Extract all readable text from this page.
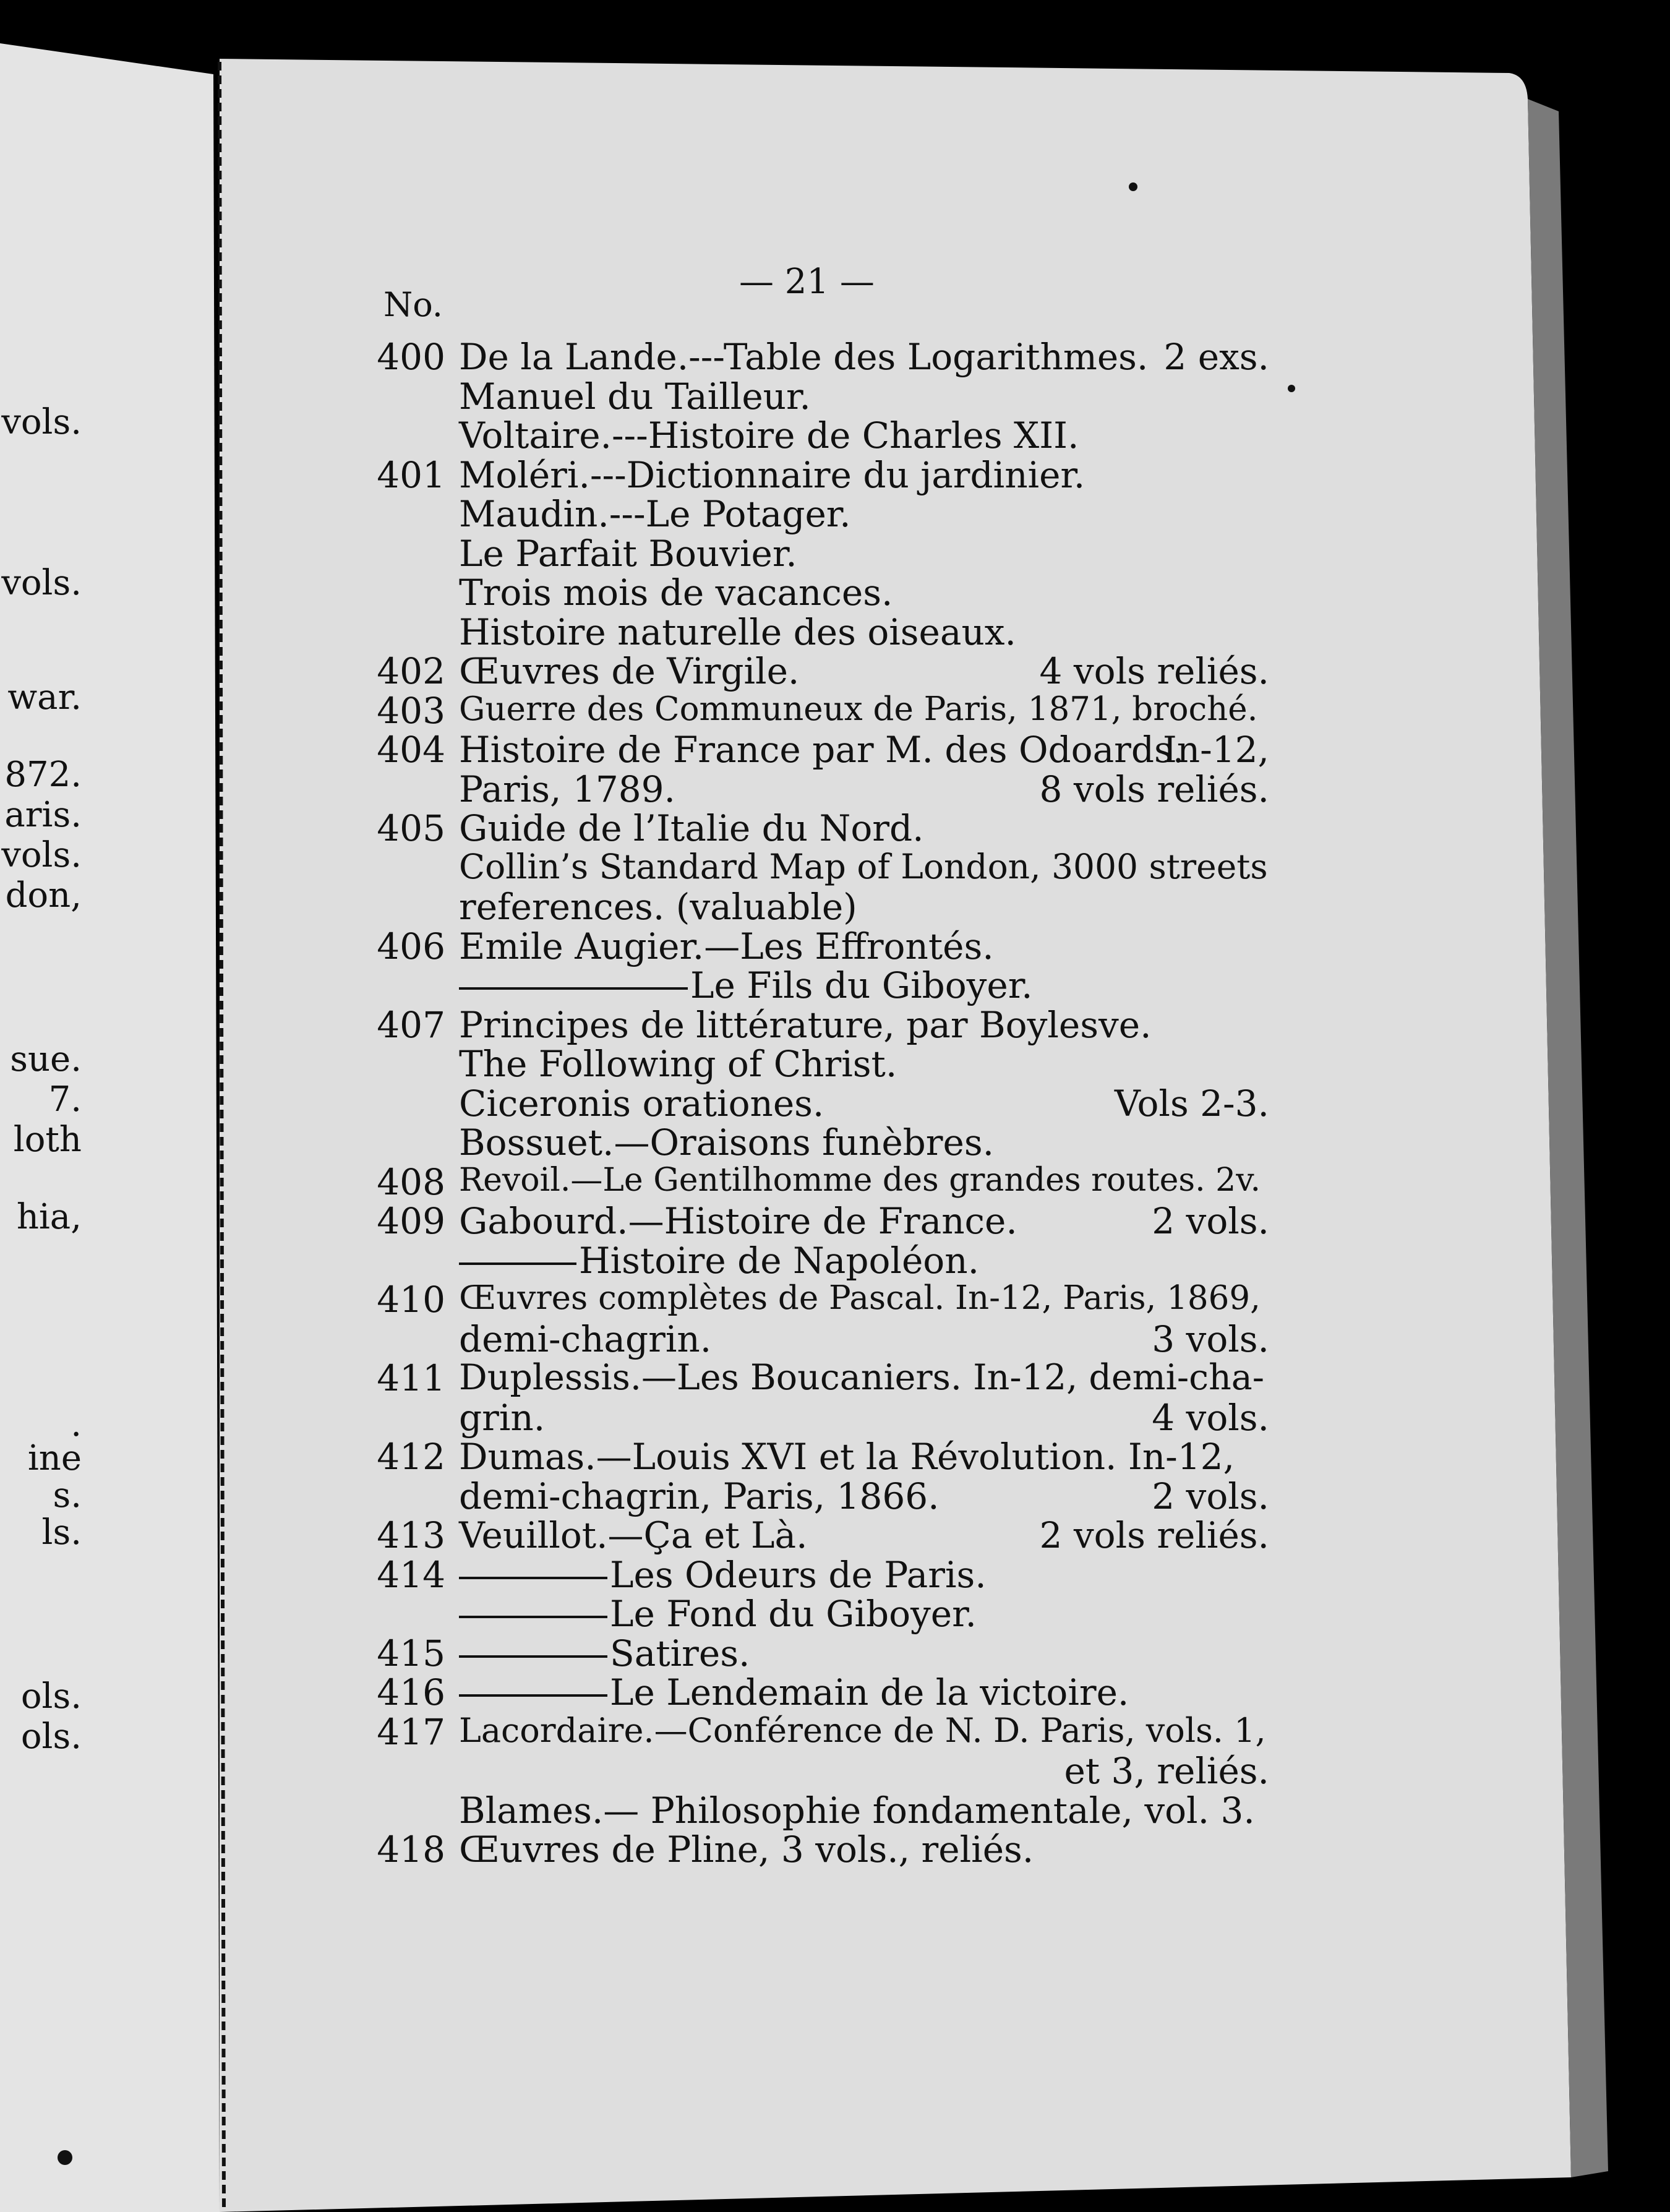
vols.
vols.
war.
872.
aris.
vols.
don,
sue.
7.
loth
hia,
.
ine
s.
ls.
ols.
ols.
— 21 —
No.
400 De la Lande.---Table des Logarithmes. 2 exs.
Manuel du Tailleur.
Voltaire.---Histoire de Charles XII.
401 Moléri.---Dictionnaire du jardinier.
Maudin.---Le Potager.
Le Parfait Bouvier.
Trois mois de vacances.
Histoire naturelle des oiseaux.
402 Œuvres de Virgile.	4 vols reliés.
403 Guerre des Communeux de Paris, 1871, broché.
404 Histoire de France par M. des Odoards.
In-12,
Paris, 1789.	8 vols reliés.
405 Guide de l’Italie du Nord.
Collin’s Standard Map of London, 3000 streets
references. (valuable)
406 Emile Augier.—Les Effrontés.
Le Fils du Giboyer.
407 Principes de littérature, par Boylesve.
The Following of Christ.
Ciceronis orationes.	Vols 2-3.
Bossuet.—Oraisons funèbres.
408 Revoil.—Le Gentilhomme des grandes routes. 2v.
409 Gabourd.—Histoire de France.	2 vols.
Histoire de Napoléon.
410 Œuvres complètes de Pascal. In-12, Paris, 1869,
demi-chagrin.	3 vols.
411 Duplessis.—Les Boucaniers. In-12, demi-cha-
grin.	4 vols.
412 Dumas.—Louis XVI et la Révolution. In-12,
demi-chagrin, Paris, 1866.	2 vols.
413 Veuillot.—Ça et Là.	2 vols reliés.
414	Les Odeurs de Paris.
Le Fond du Giboyer.
415	Satires.
416	Le Lendemain de la victoire.
417 Lacordaire.—Conférence de N. D. Paris, vols. 1,
et 3, reliés.
Blames.— Philosophie fondamentale, vol. 3.
418 Œuvres de Pline, 3 vols., reliés.
